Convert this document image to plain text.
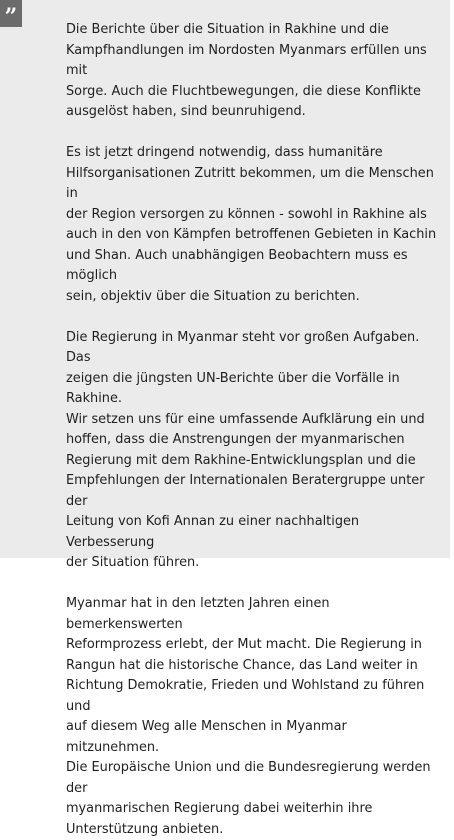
”	Die Berichte über die Situation in Rakhine und die
Kampfhandlungen im Nordosten Myanmars erfüllen uns mit
Sorge. Auch die Fluchtbewegungen, die diese Konflikte
ausgelöst haben, sind beunruhigend.

Es ist jetzt dringend notwendig, dass humanitäre
Hilfsorganisationen Zutritt bekommen, um die Menschen in
der Region versorgen zu können - sowohl in Rakhine als
auch in den von Kämpfen betroffenen Gebieten in Kachin
und Shan. Auch unabhängigen Beobachtern muss es möglich
sein, objektiv über die Situation zu berichten.

Die Regierung in Myanmar steht vor großen Aufgaben. Das
zeigen die jüngsten UN-Berichte über die Vorfälle in Rakhine.
Wir setzen uns für eine umfassende Aufklärung ein und
hoffen, dass die Anstrengungen der myanmarischen
Regierung mit dem Rakhine-Entwicklungsplan und die
Empfehlungen der Internationalen Beratergruppe unter der
Leitung von Kofi Annan zu einer nachhaltigen Verbesserung
der Situation führen.

Myanmar hat in den letzten Jahren einen bemerkenswerten
Reformprozess erlebt, der Mut macht. Die Regierung in
Rangun hat die historische Chance, das Land weiter in
Richtung Demokratie, Frieden und Wohlstand zu führen und
auf diesem Weg alle Menschen in Myanmar mitzunehmen.
Die Europäische Union und die Bundesregierung werden der
myanmarischen Regierung dabei weiterhin ihre
Unterstützung anbieten.
